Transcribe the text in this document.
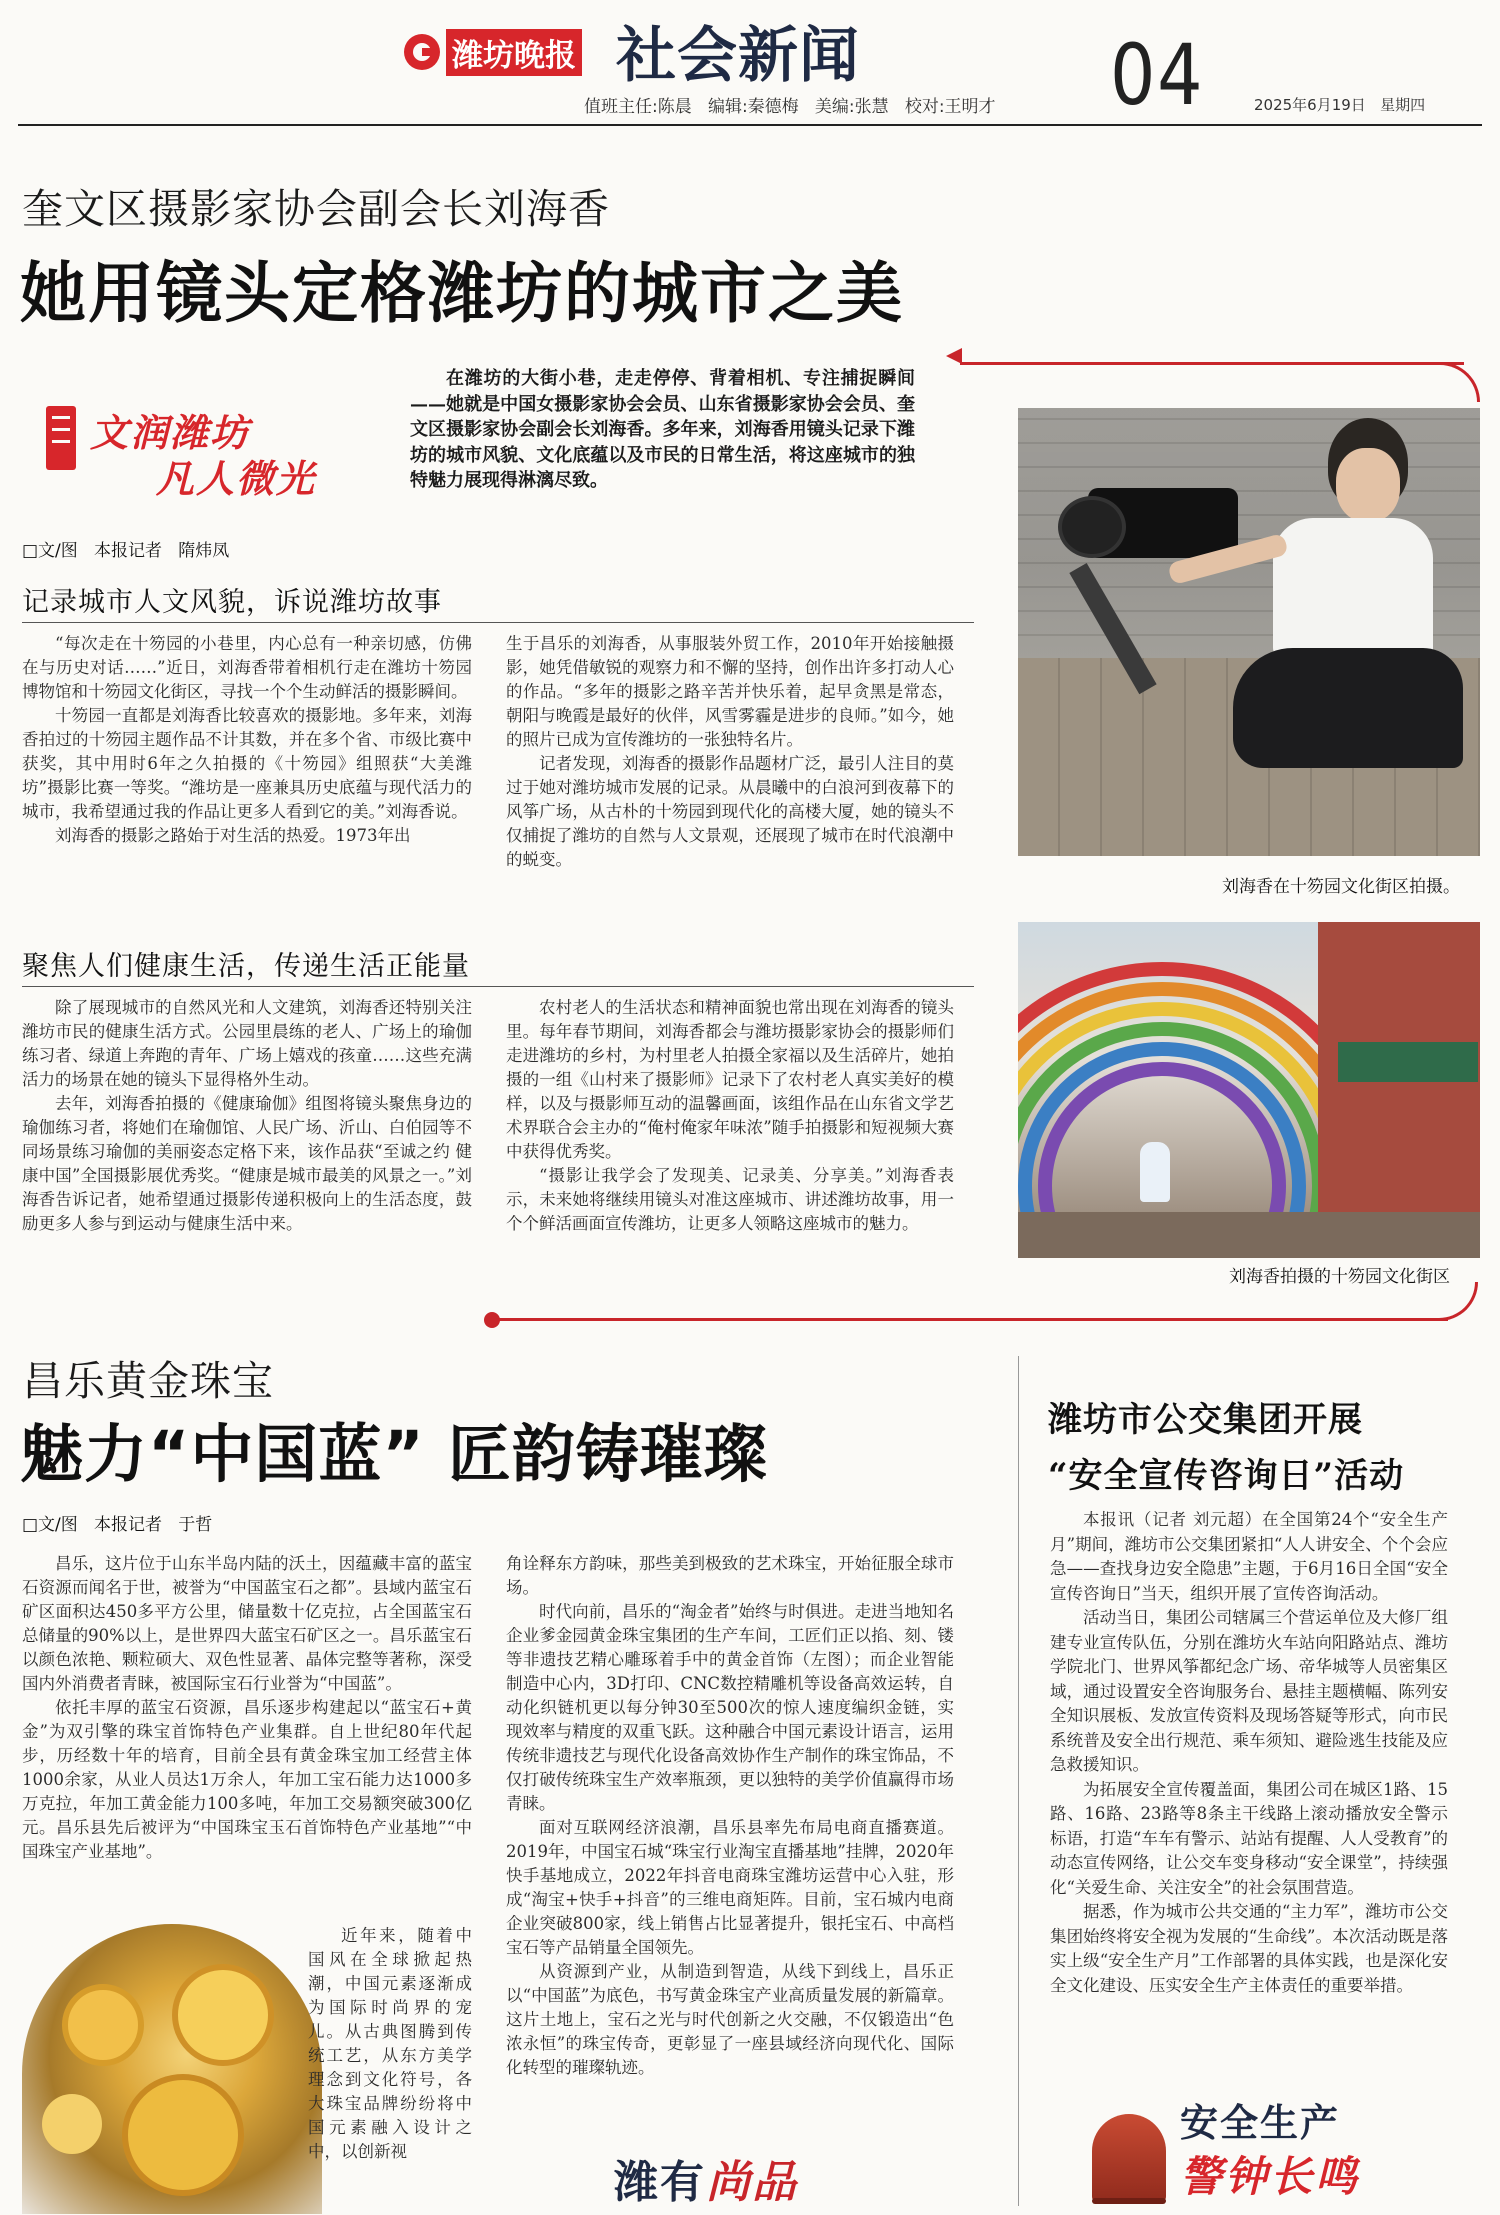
潍坊晚报 社会新闻	04
值班主任:陈晨   编辑:秦德梅   美编:张慧   校对:王明才	2025年6月19日   星期四
奎文区摄影家协会副会长刘海香
她用镜头定格潍坊的城市之美
文润潍坊
凡人微光

在潍坊的大街小巷，走走停停、背着相机、专注捕捉瞬间——她就是中国女摄影家协会会员、山东省摄影家协会会员、奎文区摄影家协会副会长刘海香。多年来，刘海香用镜头记录下潍坊的城市风貌、文化底蕴以及市民的日常生活，将这座城市的独特魅力展现得淋漓尽致。

□文/图   本报记者   隋炜凤
刘海香在十笏园文化街区拍摄。
记录城市人文风貌，诉说潍坊故事

“每次走在十笏园的小巷里，内心总有一种亲切感，仿佛在与历史对话……”近日，刘海香带着相机行走在潍坊十笏园博物馆和十笏园文化街区，寻找一个个生动鲜活的摄影瞬间。

十笏园一直都是刘海香比较喜欢的摄影地。多年来，刘海香拍过的十笏园主题作品不计其数，并在多个省、市级比赛中获奖，其中用时6年之久拍摄的《十笏园》组照获“大美潍坊”摄影比赛一等奖。“潍坊是一座兼具历史底蕴与现代活力的城市，我希望通过我的作品让更多人看到它的美。”刘海香说。

刘海香的摄影之路始于对生活的热爱。1973年出

生于昌乐的刘海香，从事服装外贸工作，2010年开始接触摄影，她凭借敏锐的观察力和不懈的坚持，创作出许多打动人心的作品。“多年的摄影之路辛苦并快乐着，起早贪黑是常态，朝阳与晚霞是最好的伙伴，风雪雾霾是进步的良师。”如今，她的照片已成为宣传潍坊的一张独特名片。

记者发现，刘海香的摄影作品题材广泛，最引人注目的莫过于她对潍坊城市发展的记录。从晨曦中的白浪河到夜幕下的风筝广场，从古朴的十笏园到现代化的高楼大厦，她的镜头不仅捕捉了潍坊的自然与人文景观，还展现了城市在时代浪潮中的蜕变。

聚焦人们健康生活，传递生活正能量

除了展现城市的自然风光和人文建筑，刘海香还特别关注潍坊市民的健康生活方式。公园里晨练的老人、广场上的瑜伽练习者、绿道上奔跑的青年、广场上嬉戏的孩童……这些充满活力的场景在她的镜头下显得格外生动。

去年，刘海香拍摄的《健康瑜伽》组图将镜头聚焦身边的瑜伽练习者，将她们在瑜伽馆、人民广场、沂山、白伯园等不同场景练习瑜伽的美丽姿态定格下来，该作品获“至诚之约 健康中国”全国摄影展优秀奖。“健康是城市最美的风景之一。”刘海香告诉记者，她希望通过摄影传递积极向上的生活态度，鼓励更多人参与到运动与健康生活中来。

农村老人的生活状态和精神面貌也常出现在刘海香的镜头里。每年春节期间，刘海香都会与潍坊摄影家协会的摄影师们走进潍坊的乡村，为村里老人拍摄全家福以及生活碎片，她拍摄的一组《山村来了摄影师》记录下了农村老人真实美好的模样，以及与摄影师互动的温馨画面，该组作品在山东省文学艺术界联合会主办的“俺村俺家年味浓”随手拍摄影和短视频大赛中获得优秀奖。

“摄影让我学会了发现美、记录美、分享美。”刘海香表示，未来她将继续用镜头对准这座城市、讲述潍坊故事，用一个个鲜活画面宣传潍坊，让更多人领略这座城市的魅力。

刘海香拍摄的十笏园文化街区
昌乐黄金珠宝
魅力“中国蓝” 匠韵铸璀璨
□文/图   本报记者   于哲

昌乐，这片位于山东半岛内陆的沃土，因蕴藏丰富的蓝宝石资源而闻名于世，被誉为“中国蓝宝石之都”。县域内蓝宝石矿区面积达450多平方公里，储量数十亿克拉，占全国蓝宝石总储量的90%以上，是世界四大蓝宝石矿区之一。昌乐蓝宝石以颜色浓艳、颗粒硕大、双色性显著、晶体完整等著称，深受国内外消费者青睐，被国际宝石行业誉为“中国蓝”。

依托丰厚的蓝宝石资源，昌乐逐步构建起以“蓝宝石+黄金”为双引擎的珠宝首饰特色产业集群。自上世纪80年代起步，历经数十年的培育，目前全县有黄金珠宝加工经营主体1000余家，从业人员达1万余人，年加工宝石能力达1000多万克拉，年加工黄金能力100多吨，年加工交易额突破300亿元。昌乐县先后被评为“中国珠宝玉石首饰特色产业基地”“中国珠宝产业基地”。

近年来，随着中国风在全球掀起热潮，中国元素逐渐成为国际时尚界的宠儿。从古典图腾到传统工艺，从东方美学理念到文化符号，各大珠宝品牌纷纷将中国元素融入设计之中，以创新视

角诠释东方韵味，那些美到极致的艺术珠宝，开始征服全球市场。

时代向前，昌乐的“淘金者”始终与时俱进。走进当地知名企业爹金园黄金珠宝集团的生产车间，工匠们正以掐、刻、镂等非遗技艺精心雕琢着手中的黄金首饰（左图）；而企业智能制造中心内，3D打印、CNC数控精雕机等设备高效运转，自动化织链机更以每分钟30至500次的惊人速度编织金链，实现效率与精度的双重飞跃。这种融合中国元素设计语言，运用传统非遗技艺与现代化设备高效协作生产制作的珠宝饰品，不仅打破传统珠宝生产效率瓶颈，更以独特的美学价值赢得市场青睐。

面对互联网经济浪潮，昌乐县率先布局电商直播赛道。2019年，中国宝石城“珠宝行业淘宝直播基地”挂牌，2020年快手基地成立，2022年抖音电商珠宝潍坊运营中心入驻，形成“淘宝+快手+抖音”的三维电商矩阵。目前，宝石城内电商企业突破800家，线上销售占比显著提升，银托宝石、中高档宝石等产品销量全国领先。

从资源到产业，从制造到智造，从线下到线上，昌乐正以“中国蓝”为底色，书写黄金珠宝产业高质量发展的新篇章。这片土地上，宝石之光与时代创新之火交融，不仅锻造出“色浓永恒”的珠宝传奇，更彰显了一座县域经济向现代化、国际化转型的璀璨轨迹。

潍有尚品
潍坊市公交集团开展
“安全宣传咨询日”活动

本报讯（记者 刘元超）在全国第24个“安全生产月”期间，潍坊市公交集团紧扣“人人讲安全、个个会应急——查找身边安全隐患”主题，于6月16日全国“安全宣传咨询日”当天，组织开展了宣传咨询活动。

活动当日，集团公司辖属三个营运单位及大修厂组建专业宣传队伍，分别在潍坊火车站向阳路站点、潍坊学院北门、世界风筝都纪念广场、帝华城等人员密集区域，通过设置安全咨询服务台、悬挂主题横幅、陈列安全知识展板、发放宣传资料及现场答疑等形式，向市民系统普及安全出行规范、乘车须知、避险逃生技能及应急救援知识。

为拓展安全宣传覆盖面，集团公司在城区1路、15路、16路、23路等8条主干线路上滚动播放安全警示标语，打造“车车有警示、站站有提醒、人人受教育”的动态宣传网络，让公交车变身移动“安全课堂”，持续强化“关爱生命、关注安全”的社会氛围营造。

据悉，作为城市公共交通的“主力军”，潍坊市公交集团始终将安全视为发展的“生命线”。本次活动既是落实上级“安全生产月”工作部署的具体实践，也是深化安全文化建设、压实安全生产主体责任的重要举措。

安全生产
警钟长鸣
